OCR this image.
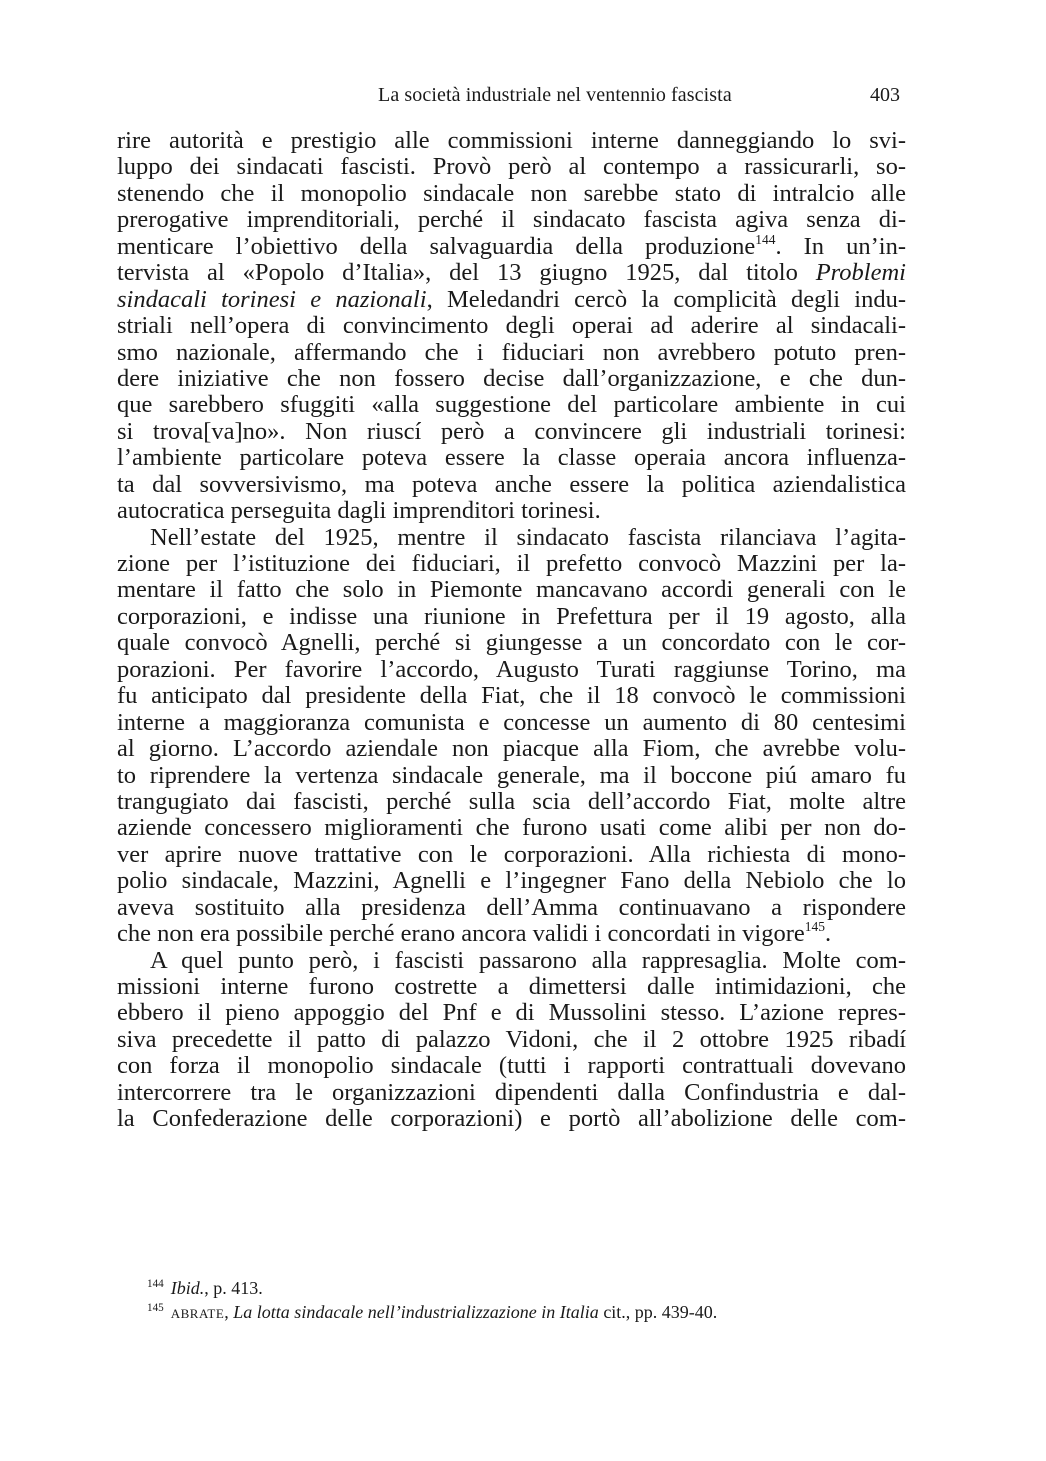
La società industriale nel ventennio fascista	403
rire autorità e prestigio alle commissioni interne danneggiando lo svi-
luppo dei sindacati fascisti. Provò però al contempo a rassicurarli, so-
stenendo che il monopolio sindacale non sarebbe stato di intralcio alle
prerogative imprenditoriali, perché il sindacato fascista agiva senza di-
menticare l’obiettivo della salvaguardia della produzione$^{144}$. In un’in-
tervista al «Popolo d’Italia», del 13 giugno 1925, dal titolo Problemi
sindacali torinesi e nazionali, Meledandri cercò la complicità degli indu-
striali nell’opera di convincimento degli operai ad aderire al sindacali-
smo nazionale, affermando che i fiduciari non avrebbero potuto pren-
dere iniziative che non fossero decise dall’organizzazione, e che dun-
que sarebbero sfuggiti «alla suggestione del particolare ambiente in cui
si trova[va]no». Non riuscí però a convincere gli industriali torinesi:
l’ambiente particolare poteva essere la classe operaia ancora influenza-
ta dal sovversivismo, ma poteva anche essere la politica aziendalistica
autocratica perseguita dagli imprenditori torinesi.
Nell’estate del 1925, mentre il sindacato fascista rilanciava l’agita-
zione per l’istituzione dei fiduciari, il prefetto convocò Mazzini per la-
mentare il fatto che solo in Piemonte mancavano accordi generali con le
corporazioni, e indisse una riunione in Prefettura per il 19 agosto, alla
quale convocò Agnelli, perché si giungesse a un concordato con le cor-
porazioni. Per favorire l’accordo, Augusto Turati raggiunse Torino, ma
fu anticipato dal presidente della Fiat, che il 18 convocò le commissioni
interne a maggioranza comunista e concesse un aumento di 80 centesimi
al giorno. L’accordo aziendale non piacque alla Fiom, che avrebbe volu-
to riprendere la vertenza sindacale generale, ma il boccone piú amaro fu
trangugiato dai fascisti, perché sulla scia dell’accordo Fiat, molte altre
aziende concessero miglioramenti che furono usati come alibi per non do-
ver aprire nuove trattative con le corporazioni. Alla richiesta di mono-
polio sindacale, Mazzini, Agnelli e l’ingegner Fano della Nebiolo che lo
aveva sostituito alla presidenza dell’Amma continuavano a rispondere
che non era possibile perché erano ancora validi i concordati in vigore$^{145}$.
A quel punto però, i fascisti passarono alla rappresaglia. Molte com-
missioni interne furono costrette a dimettersi dalle intimidazioni, che
ebbero il pieno appoggio del Pnf e di Mussolini stesso. L’azione repres-
siva precedette il patto di palazzo Vidoni, che il 2 ottobre 1925 ribadí
con forza il monopolio sindacale (tutti i rapporti contrattuali dovevano
intercorrere tra le organizzazioni dipendenti dalla Confindustria e dal-
la Confederazione delle corporazioni) e portò all’abolizione delle com-
$^{144}$ Ibid., p. 413.
$^{145}$ abrate, La lotta sindacale nell’industrializzazione in Italia cit., pp. 439-40.
